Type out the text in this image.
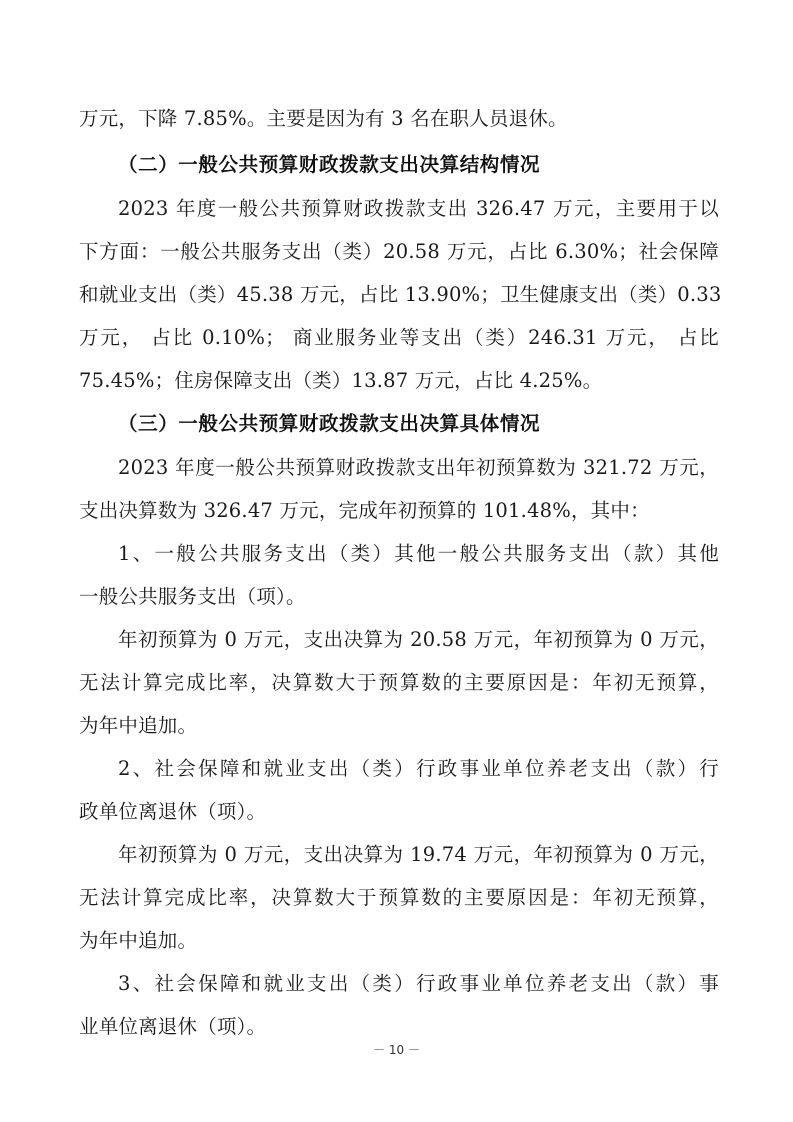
万元，下降 7.85%。主要是因为有 3 名在职人员退休。
（二）一般公共预算财政拨款支出决算结构情况
2023 年度一般公共预算财政拨款支出 326.47 万元，主要用于以
下方面：一般公共服务支出（类）20.58 万元，占比 6.30%；社会保障
和就业支出（类）45.38 万元，占比 13.90%；卫生健康支出（类）0.33
万元， 占比 0.10%； 商业服务业等支出（类）246.31 万元， 占比
75.45%；住房保障支出（类）13.87 万元，占比 4.25%。
（三）一般公共预算财政拨款支出决算具体情况
2023 年度一般公共预算财政拨款支出年初预算数为 321.72 万元，
支出决算数为 326.47 万元，完成年初预算的 101.48%，其中：
1、一般公共服务支出（类）其他一般公共服务支出（款）其他
一般公共服务支出（项）。
年初预算为 0 万元，支出决算为 20.58 万元，年初预算为 0 万元，
无法计算完成比率，决算数大于预算数的主要原因是：年初无预算，
为年中追加。
2、社会保障和就业支出（类）行政事业单位养老支出（款）行
政单位离退休（项）。
年初预算为 0 万元，支出决算为 19.74 万元，年初预算为 0 万元，
无法计算完成比率，决算数大于预算数的主要原因是：年初无预算，
为年中追加。
3、社会保障和就业支出（类）行政事业单位养老支出（款）事
业单位离退休（项）。
－ 10 －
